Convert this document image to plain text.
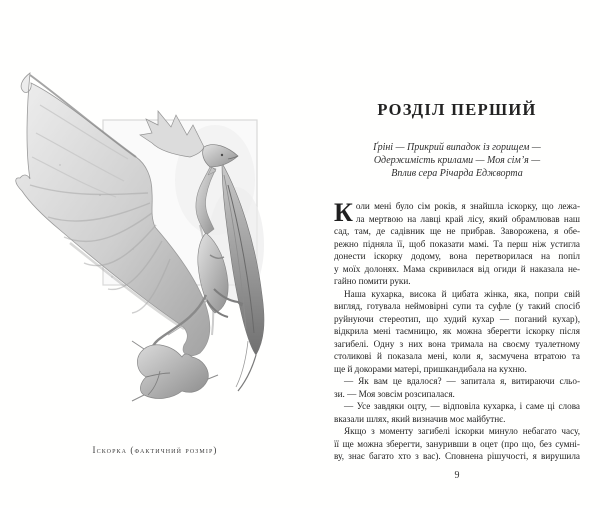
Іскорка (фактичний розмір)
РОЗДІЛ ПЕРШИЙ
Ґріні — Прикрий випадок із горищем —
Одержимість крилами — Моя сім’я —
Вплив сера Річарда Еджворта
К оли мені було сім років, я знайшла іскорку, що лежа-
ла мертвою на лавці край лісу, який обрамлював наш
сад, там, де садівник ще не прибрав. Заворожена, я обе-
режно підняла її, щоб показати мамі. Та перш ніж устигла
донести іскорку додому, вона перетворилася на попіл
у моїх долонях. Мама скривилася від огиди й наказала не-
гайно помити руки.
Наша кухарка, висока й цибата жінка, яка, попри свій
вигляд, готувала неймовірні супи та суфле (у такий спосіб
руйнуючи стереотип, що худий кухар — поганий кухар),
відкрила мені таємницю, як можна зберегти іскорку після
загибелі. Одну з них вона тримала на своєму туалетному
столикові й показала мені, коли я, засмучена втратою та
ще й докорами матері, пришкандибала на кухню.
— Як вам це вдалося? — запитала я, витираючи сльо-
зи. — Моя зовсім розсипалася.
— Усе завдяки оцту, — відповіла кухарка, і саме ці слова
вказали шлях, який визначив моє майбутнє.
Якщо з моменту загибелі іскорки минуло небагато часу,
її ще можна зберегти, зануривши в оцет (про що, без сумні-
ву, знає багато хто з вас). Сповнена рішучості, я вирушила
9
